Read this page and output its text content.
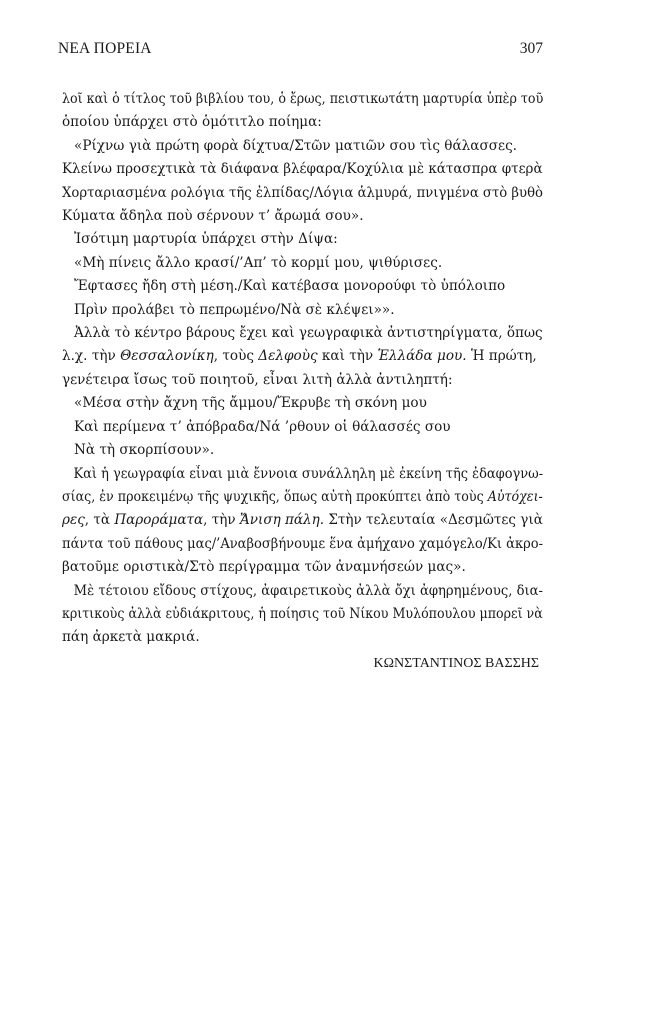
ΝΕΑ ΠΟΡΕΙΑ	307
λοῖ καὶ ὁ τίτλος τοῦ βιβλίου του, ὁ ἔρως, πειστικωτάτη μαρτυρία ὑπὲρ τοῦ
ὁποίου ὑπάρχει στὸ ὁμότιτλο ποίημα:
«Ρίχνω γιὰ πρώτη φορὰ δίχτυα/Στῶν ματιῶν σου τὶς θάλασσες.
Κλείνω προσεχτικὰ τὰ διάφανα βλέφαρα/Κοχύλια μὲ κάτασπρα φτερὰ
Χορταριασμένα ρολόγια τῆς ἐλπίδας/Λόγια ἁλμυρά, πνιγμένα στὸ βυθὸ
Κύματα ἄδηλα ποὺ σέρνουν τ’ ἄρωμά σου».
Ἰσότιμη μαρτυρία ὑπάρχει στὴν Δίψα:
«Μὴ πίνεις ἄλλο κρασί/’Απ’ τὸ κορμί μου, ψιθύρισες.
Ἔφτασες ἤδη στὴ μέση./Καὶ κατέβασα μονορούφι τὸ ὑπόλοιπο
Πρὶν προλάβει τὸ πεπρωμένο/Νὰ σὲ κλέψει»».
Ἀλλὰ τὸ κέντρο βάρους ἔχει καὶ γεωγραφικὰ ἀντιστηρίγματα, ὅπως
λ.χ. τὴν Θεσσαλονίκη, τοὺς Δελφοὺς καὶ τὴν Ἑλλάδα μου. Ἡ πρώτη,
γενέτειρα ἴσως τοῦ ποιητοῦ, εἶναι λιτὴ ἀλλὰ ἀντιληπτή:
«Μέσα στὴν ἄχνη τῆς ἄμμου/Ἔκρυβε τὴ σκόνη μου
Καὶ περίμενα τ’ ἀπόβραδα/Νά ’ρθουν οἱ θάλασσές σου
Νὰ τὴ σκορπίσουν».
Καὶ ἡ γεωγραφία εἶναι μιὰ ἔννοια συνάλληλη μὲ ἐκείνη τῆς ἐδαφογνω-
σίας, ἐν προκειμένῳ τῆς ψυχικῆς, ὅπως αὐτὴ προκύπτει ἀπὸ τοὺς Αὐτόχει-
ρες, τὰ Παροράματα, τὴν Ἄνιση πάλη. Στὴν τελευταία «Δεσμῶτες γιὰ
πάντα τοῦ πάθους μας/’Αναβοσβήνουμε ἕνα ἀμήχανο χαμόγελο/Κι ἀκρο-
βατοῦμε οριστικὰ/Στὸ περίγραμμα τῶν ἀναμνήσεών μας».
Μὲ τέτοιου εἴδους στίχους, ἀφαιρετικοὺς ἀλλὰ ὄχι ἀφηρημένους, δια-
κριτικοὺς ἀλλὰ εὐδιάκριτους, ἡ ποίησις τοῦ Νίκου Μυλόπουλου μπορεῖ νὰ
πάη ἀρκετὰ μακριά.
ΚΩΝΣΤΑΝΤΙΝΟΣ ΒΑΣΣΗΣ
